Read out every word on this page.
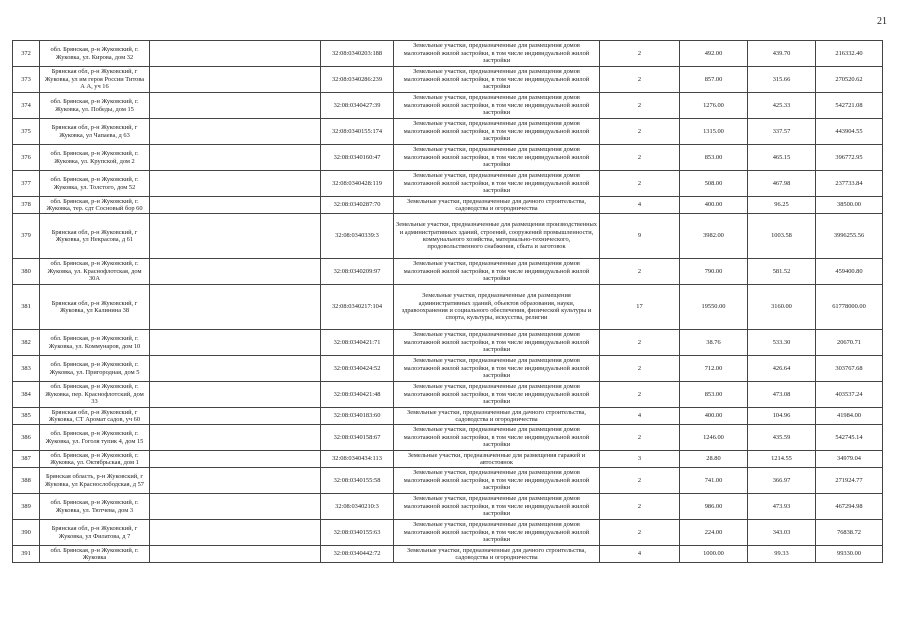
21
372	обл. Брянская, р-н Жуковский, г. Жуковка, ул. Кирова, дом 32		32:08:0340203:188	Земельные участки, предназначенные для размещения домов малоэтажной жилой застройки, в том числе индивидуальной жилой застройки	2	492.00	439.70	216332.40
373	Брянская обл, р-н Жуковский, г Жуковка, ул им героя России Титова А А, уч 16		32:08:0340286:239	Земельные участки, предназначенные для размещения домов малоэтажной жилой застройки, в том числе индивидуальной жилой застройки	2	857.00	315.66	270520.62
374	обл. Брянская, р-н Жуковский, г. Жуковка, ул. Победы, дом 15		32:08:0340427:39	Земельные участки, предназначенные для размещения домов малоэтажной жилой застройки, в том числе индивидуальной жилой застройки	2	1276.00	425.33	542721.08
375	Брянская обл, р-н Жуковский, г Жуковка, ул Чапаева, д 63		32:08:0340155:174	Земельные участки, предназначенные для размещения домов малоэтажной жилой застройки, в том числе индивидуальной жилой застройки	2	1315.00	337.57	443904.55
376	обл. Брянская, р-н Жуковский, г. Жуковка, ул. Крупской, дом 2		32:08:0340160:47	Земельные участки, предназначенные для размещения домов малоэтажной жилой застройки, в том числе индивидуальной жилой застройки	2	853.00	465.15	396772.95
377	обл. Брянская, р-н Жуковский, г. Жуковка, ул. Толстого, дом 52		32:08:0340428:119	Земельные участки, предназначенные для размещения домов малоэтажной жилой застройки, в том числе индивидуальной жилой застройки	2	508.00	467.98	237733.84
378	обл. Брянская, р-н Жуковский, г. Жуковка, тер. сдт Сосновый бор 60		32:08:0340287:70	Земельные участки, предназначенные для дачного строительства, садоводства и огородничества	4	400.00	96.25	38500.00
379	Брянская обл, р-н Жуковский, г Жуковка, ул Некрасова, д 61		32:08:0340339:3	Земельные участки, предназначенные для размещения производственных и административных зданий, строений, сооружений промышленности, коммунального хозяйства, материально-технического, продовольственного снабжения, сбыта и заготовок	9	3982.00	1003.58	3996255.56
380	обл. Брянская, р-н Жуковский, г. Жуковка, ул. Краснофлотская, дом 30А		32:08:0340209:97	Земельные участки, предназначенные для размещения домов малоэтажной жилой застройки, в том числе индивидуальной жилой застройки	2	790.00	581.52	459400.80
381	Брянская обл, р-н Жуковский, г Жуковка, ул Калинина 38		32:08:0340217:104	Земельные участки, предназначенные для размещения административных зданий, объектов образования, науки, здравоохранения и социального обеспечения, физической культуры и спорта, культуры, искусства, религии	17	19550.00	3160.00	61778000.00
382	обл. Брянская, р-н Жуковский, г. Жуковка, ул. Коммунаров, дом 10		32:08:0340421:71	Земельные участки, предназначенные для размещения домов малоэтажной жилой застройки, в том числе индивидуальной жилой застройки	2	38.76	533.30	20670.71
383	обл. Брянская, р-н Жуковский, г. Жуковка, ул. Пригородная, дом 5		32:08:0340424:52	Земельные участки, предназначенные для размещения домов малоэтажной жилой застройки, в том числе индивидуальной жилой застройки	2	712.00	426.64	303767.68
384	обл. Брянская, р-н Жуковский, г. Жуковка, пер. Краснофлотский, дом 33		32:08:0340421:48	Земельные участки, предназначенные для размещения домов малоэтажной жилой застройки, в том числе индивидуальной жилой застройки	2	853.00	473.08	403537.24
385	Брянская обл, р-н Жуковский, г Жуковка, СТ Аромат садов, уч 60		32:08:0340183:60	Земельные участки, предназначенные для дачного строительства, садоводства и огородничества	4	400.00	104.96	41984.00
386	обл. Брянская, р-н Жуковский, г. Жуковка, ул. Гоголя тупик 4, дом 15		32:08:0340158:67	Земельные участки, предназначенные для размещения домов малоэтажной жилой застройки, в том числе индивидуальной жилой застройки	2	1246.00	435.59	542745.14
387	обл. Брянская, р-н Жуковский, г. Жуковка, ул. Октябрьская, дом 1		32:08:0340434:113	Земельные участки, предназначенные для размещения гаражей и автостоянок	3	28.80	1214.55	34979.04
388	Брянская область, р-н Жуковский, г Жуковка, ул Краснослободская, д 57		32:08:0340155:58	Земельные участки, предназначенные для размещения домов малоэтажной жилой застройки, в том числе индивидуальной жилой застройки	2	741.00	366.97	271924.77
389	обл. Брянская, р-н Жуковский, г. Жуковка, ул. Тютчева, дом 3		32:08:0340210:3	Земельные участки, предназначенные для размещения домов малоэтажной жилой застройки, в том числе индивидуальной жилой застройки	2	986.00	473.93	467294.98
390	Брянская обл, р-н Жуковский, г Жуковка, ул Филатова, д 7		32:08:0340155:63	Земельные участки, предназначенные для размещения домов малоэтажной жилой застройки, в том числе индивидуальной жилой застройки	2	224.00	343.03	76838.72
391	обл. Брянская, р-н Жуковский, г. Жуковка		32:08:0340442:72	Земельные участки, предназначенные для дачного строительства, садоводства и огородничества	4	1000.00	99.33	99330.00
